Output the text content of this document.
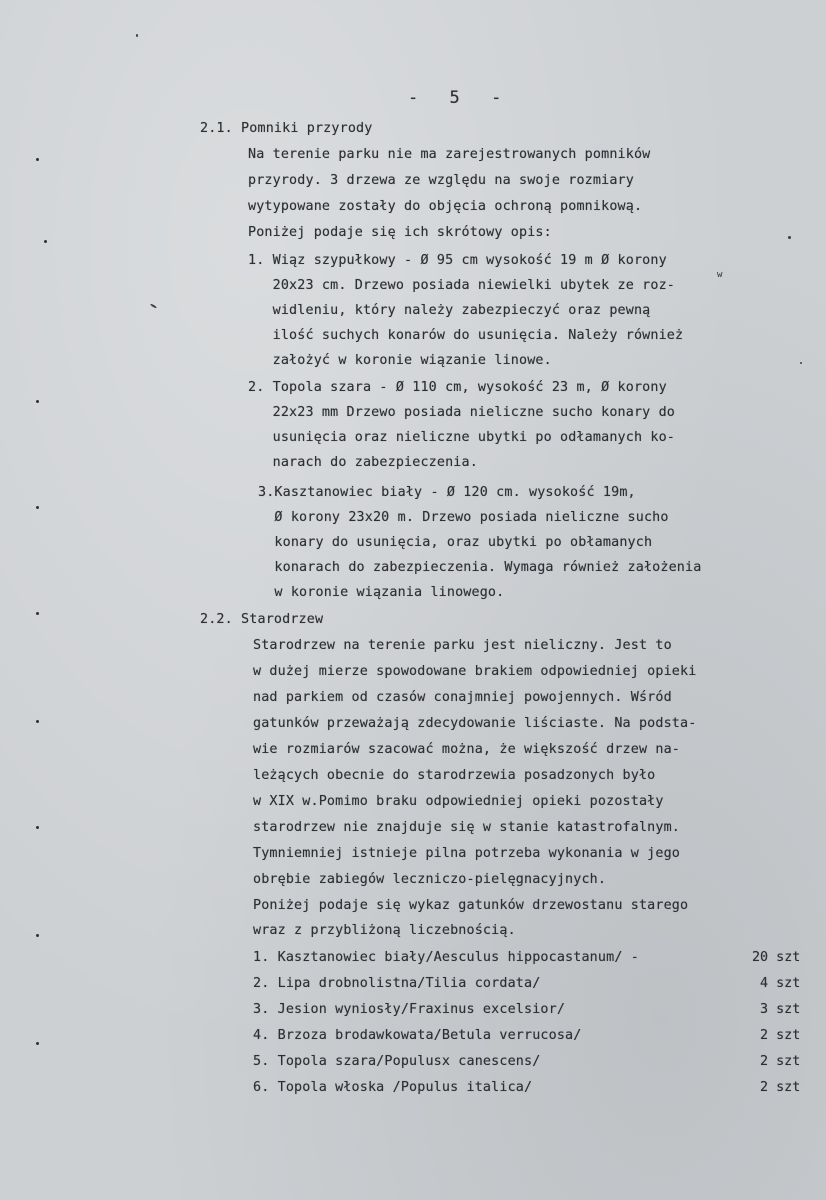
-   5   -
2.1. Pomniki przyrody
Na terenie parku nie ma zarejestrowanych pomników
przyrody. 3 drzewa ze względu na swoje rozmiary
wytypowane zostały do objęcia ochroną pomnikową.
Poniżej podaje się ich skrótowy opis:
1. Wiąz szypułkowy - Ø 95 cm wysokość 19 m Ø korony
20x23 cm. Drzewo posiada niewielki ubytek ze roz-
w
widleniu, który należy zabezpieczyć oraz pewną
ilość suchych konarów do usunięcia. Należy również
założyć w koronie wiązanie linowe.
2. Topola szara - Ø 110 cm, wysokość 23 m, Ø korony
22x23 mm Drzewo posiada nieliczne sucho konary do
usunięcia oraz nieliczne ubytki po odłamanych ko-
narach do zabezpieczenia.
3.Kasztanowiec biały - Ø 120 cm. wysokość 19m,
Ø korony 23x20 m. Drzewo posiada nieliczne sucho
konary do usunięcia, oraz ubytki po obłamanych
konarach do zabezpieczenia. Wymaga również założenia
w koronie wiązania linowego.
2.2. Starodrzew
Starodrzew na terenie parku jest nieliczny. Jest to
w dużej mierze spowodowane brakiem odpowiedniej opieki
nad parkiem od czasów conajmniej powojennych. Wśród
gatunków przeważają zdecydowanie liściaste. Na podsta-
wie rozmiarów szacować można, że większość drzew na-
leżących obecnie do starodrzewia posadzonych było
w XIX w.Pomimo braku odpowiedniej opieki pozostały
starodrzew nie znajduje się w stanie katastrofalnym.
Tymniemniej istnieje pilna potrzeba wykonania w jego
obrębie zabiegów leczniczo-pielęgnacyjnych.
Poniżej podaje się wykaz gatunków drzewostanu starego
wraz z przybliżoną liczebnością.
1. Kasztanowiec biały/Aesculus hippocastanum/ -	20 szt
2. Lipa drobnolistna/Tilia cordata/	4 szt
3. Jesion wyniosły/Fraxinus excelsior/	3 szt
4. Brzoza brodawkowata/Betula verrucosa/	2 szt
5. Topola szara/Populusx canescens/	2 szt
6. Topola włoska /Populus italica/	2 szt
